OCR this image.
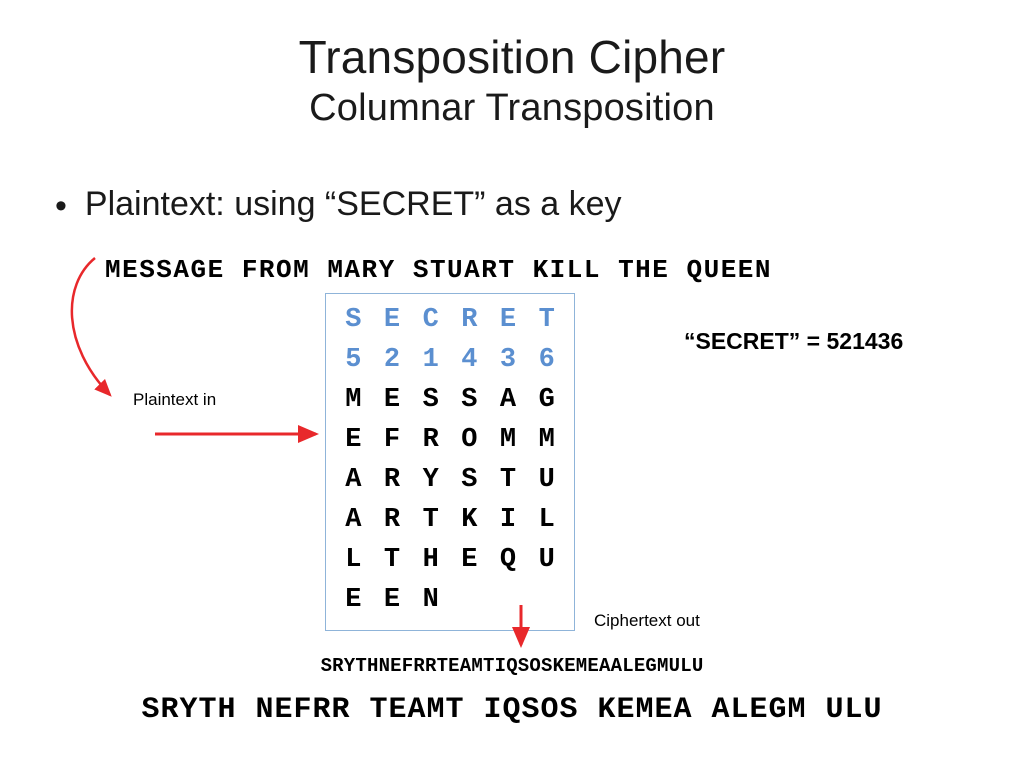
Transposition Cipher
Columnar Transposition
• Plaintext: using “SECRET” as a key
MESSAGE FROM MARY STUART KILL THE QUEEN
S E C R E T
5 2 1 4 3 6
M E S S A G
E F R O M M
A R Y S T U
A R T K I L
L T H E Q U
E E N
“SECRET” = 521436
Plaintext in
Ciphertext out
SRYTHNEFRRTEAMTIQSOSKEMEAALEGMULU
SRYTH NEFRR TEAMT IQSOS KEMEA ALEGM ULU
